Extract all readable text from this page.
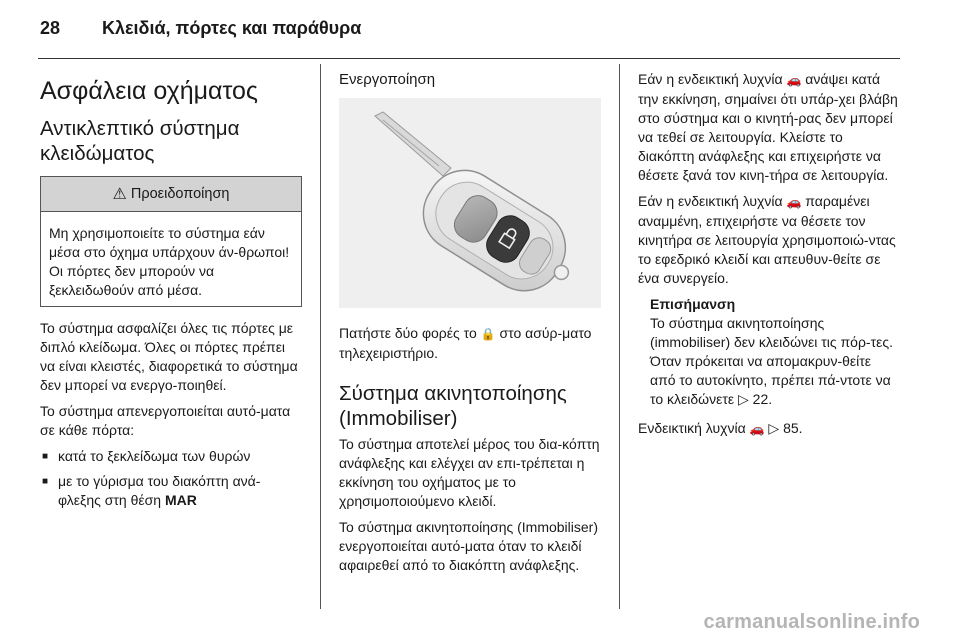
28 Κλειδιά, πόρτες και παράθυρα
Ασφάλεια οχήματος
Αντικλεπτικό σύστημα κλειδώματος
⚠ Προειδοποίηση
Μη χρησιμοποιείτε το σύστημα εάν μέσα στο όχημα υπάρχουν άν-θρωποι! Οι πόρτες δεν μπορούν να ξεκλειδωθούν από μέσα.

Το σύστημα ασφαλίζει όλες τις πόρτες με διπλό κλείδωμα. Όλες οι πόρτες πρέπει να είναι κλειστές, διαφορετικά το σύστημα δεν μπορεί να ενεργο-ποιηθεί.

Το σύστημα απενεργοποιείται αυτό-ματα σε κάθε πόρτα:

■ κατά το ξεκλείδωμα των θυρών
■ με το γύρισμα του διακόπτη ανά-φλεξης στη θέση MAR
Ενεργοποίηση

Πατήστε δύο φορές το 🔒 στο ασύρ-ματο τηλεχειριστήριο.

Σύστημα ακινητοποίησης (Immobiliser)

Το σύστημα αποτελεί μέρος του δια-κόπτη ανάφλεξης και ελέγχει αν επι-τρέπεται η εκκίνηση του οχήματος με το χρησιμοποιούμενο κλειδί.

Το σύστημα ακινητοποίησης (Immobiliser) ενεργοποιείται αυτό-ματα όταν το κλειδί αφαιρεθεί από το διακόπτη ανάφλεξης.

Εάν η ενδεικτική λυχνία 🚗 ανάψει κατά την εκκίνηση, σημαίνει ότι υπάρ-χει βλάβη στο σύστημα και ο κινητή-ρας δεν μπορεί να τεθεί σε λειτουργία. Κλείστε το διακόπτη ανάφλεξης και επιχειρήστε να θέσετε ξανά τον κινη-τήρα σε λειτουργία.

Εάν η ενδεικτική λυχνία 🚗 παραμένει αναμμένη, επιχειρήστε να θέσετε τον κινητήρα σε λειτουργία χρησιμοποιώ-ντας το εφεδρικό κλειδί και απευθυν-θείτε σε ένα συνεργείο.

Επισήμανση
Το σύστημα ακινητοποίησης (immobiliser) δεν κλειδώνει τις πόρ-τες. Όταν πρόκειται να απομακρυν-θείτε από το αυτοκίνητο, πρέπει πά-ντοτε να το κλειδώνετε ▷ 22.

Ενδεικτική λυχνία 🚗 ▷ 85.

carmanualsonline.info
